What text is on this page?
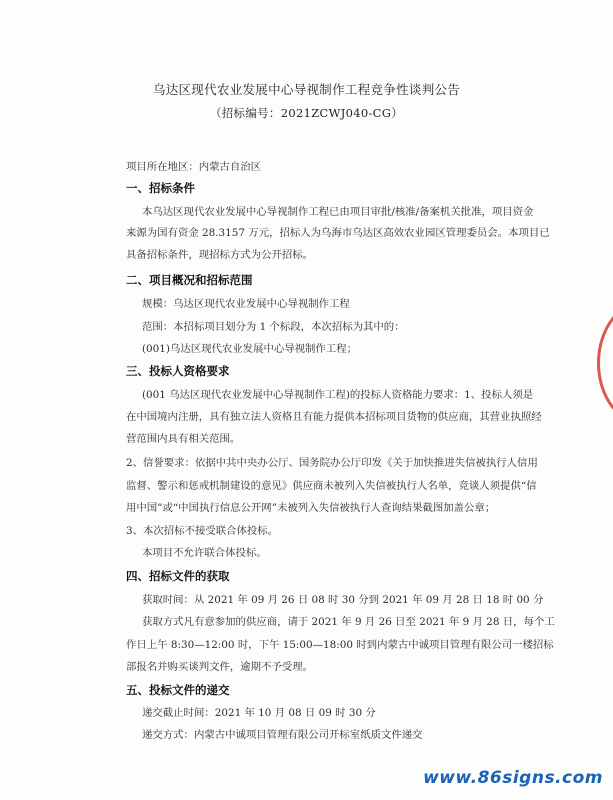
乌达区现代农业发展中心导视制作工程竞争性谈判公告
（招标编号：2021ZCWJ040-CG）
项目所在地区：内蒙古自治区
一、招标条件
本乌达区现代农业发展中心导视制作工程已由项目审批/核准/备案机关批准，项目资金
来源为国有资金 28.3157 万元，招标人为乌海市乌达区高效农业园区管理委员会。本项目已
具备招标条件，现招标方式为公开招标。
二、项目概况和招标范围
规模：乌达区现代农业发展中心导视制作工程
范围：本招标项目划分为 1 个标段，本次招标为其中的：
(001)乌达区现代农业发展中心导视制作工程；
三、投标人资格要求
(001 乌达区现代农业发展中心导视制作工程)的投标人资格能力要求：1、投标人须是
在中国境内注册，具有独立法人资格且有能力提供本招标项目货物的供应商，其营业执照经
营范围内具有相关范围。
2、信誉要求：依据中共中央办公厅、国务院办公厅印发《关于加快推进失信被执行人信用
监督、警示和惩戒机制建设的意见》供应商未被列入失信被执行人名单，竞谈人须提供“信
用中国”或“中国执行信息公开网”未被列入失信被执行人查询结果截图加盖公章；
3、本次招标不接受联合体投标。
本项目不允许联合体投标。
四、招标文件的获取
获取时间：从 2021 年 09 月 26 日 08 时 30 分到 2021 年 09 月 28 日 18 时 00 分
获取方式凡有意参加的供应商，请于 2021 年 9 月 26 日至 2021 年 9 月 28 日，每个工
作日上午 8:30—12:00 时，下午 15:00—18:00 时到内蒙古中诚项目管理有限公司一楼招标
部报名并购买谈判文件，逾期不予受理。
五、投标文件的递交
递交截止时间：2021 年 10 月 08 日 09 时 30 分
递交方式：内蒙古中诚项目管理有限公司开标室纸质文件递交
www.86signs.com
